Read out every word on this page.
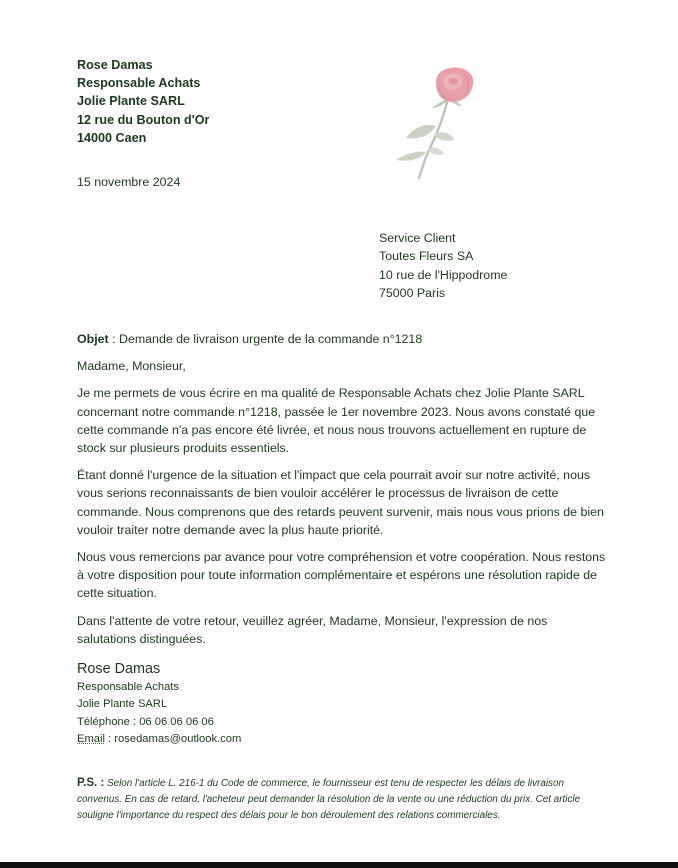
Rose Damas
Responsable Achats
Jolie Plante SARL
12 rue du Bouton d'Or
14000 Caen
15 novembre 2024
Service Client
Toutes Fleurs SA
10 rue de l'Hippodrome
75000 Paris

Objet : Demande de livraison urgente de la commande n°1218

Madame, Monsieur,

Je me permets de vous écrire en ma qualité de Responsable Achats chez Jolie Plante SARL concernant notre commande n°1218, passée le 1er novembre 2023. Nous avons constaté que cette commande n'a pas encore été livrée, et nous nous trouvons actuellement en rupture de stock sur plusieurs produits essentiels.

Étant donné l'urgence de la situation et l'impact que cela pourrait avoir sur notre activité, nous vous serions reconnaissants de bien vouloir accélérer le processus de livraison de cette commande. Nous comprenons que des retards peuvent survenir, mais nous vous prions de bien vouloir traiter notre demande avec la plus haute priorité.

Nous vous remercions par avance pour votre compréhension et votre coopération. Nous restons à votre disposition pour toute information complémentaire et espérons une résolution rapide de cette situation.

Dans l'attente de votre retour, veuillez agréer, Madame, Monsieur, l'expression de nos salutations distinguées.

Rose Damas
Responsable Achats
Jolie Plante SARL
Téléphone : 06 06 06 06 06
Email : rosedamas@outlook.com
P.S. : Selon l'article L. 216-1 du Code de commerce, le fournisseur est tenu de respecter les délais de livraison convenus. En cas de retard, l'acheteur peut demander la résolution de la vente ou une réduction du prix. Cet article souligne l'importance du respect des délais pour le bon déroulement des relations commerciales.
